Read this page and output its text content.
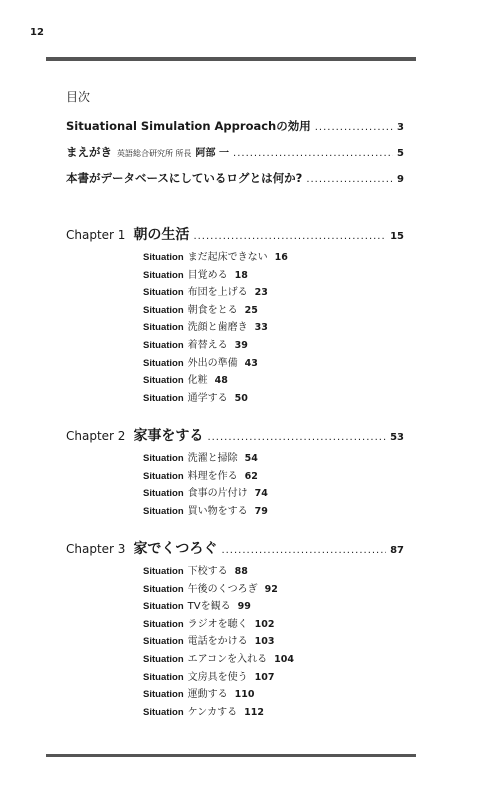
12
目次
Situational Simulation Approachの効用 .....	3
まえがき 英語総合研究所 所長 阿部 一 .....	5
本書がデータベースにしているログとは何か? .....	9
Chapter 1 朝の生活 .....	15
Situation まだ起床できない 16
Situation 目覚める 18
Situation 布団を上げる 23
Situation 朝食をとる 25
Situation 洗顔と歯磨き 33
Situation 着替える 39
Situation 外出の準備 43
Situation 化粧 48
Situation 通学する 50
Chapter 2 家事をする .....	53
Situation 洗濯と掃除 54
Situation 料理を作る 62
Situation 食事の片付け 74
Situation 買い物をする 79
Chapter 3 家でくつろぐ .....	87
Situation 下校する 88
Situation 午後のくつろぎ 92
Situation TVを観る 99
Situation ラジオを聴く 102
Situation 電話をかける 103
Situation エアコンを入れる 104
Situation 文房具を使う 107
Situation 運動する 110
Situation ケンカする 112
